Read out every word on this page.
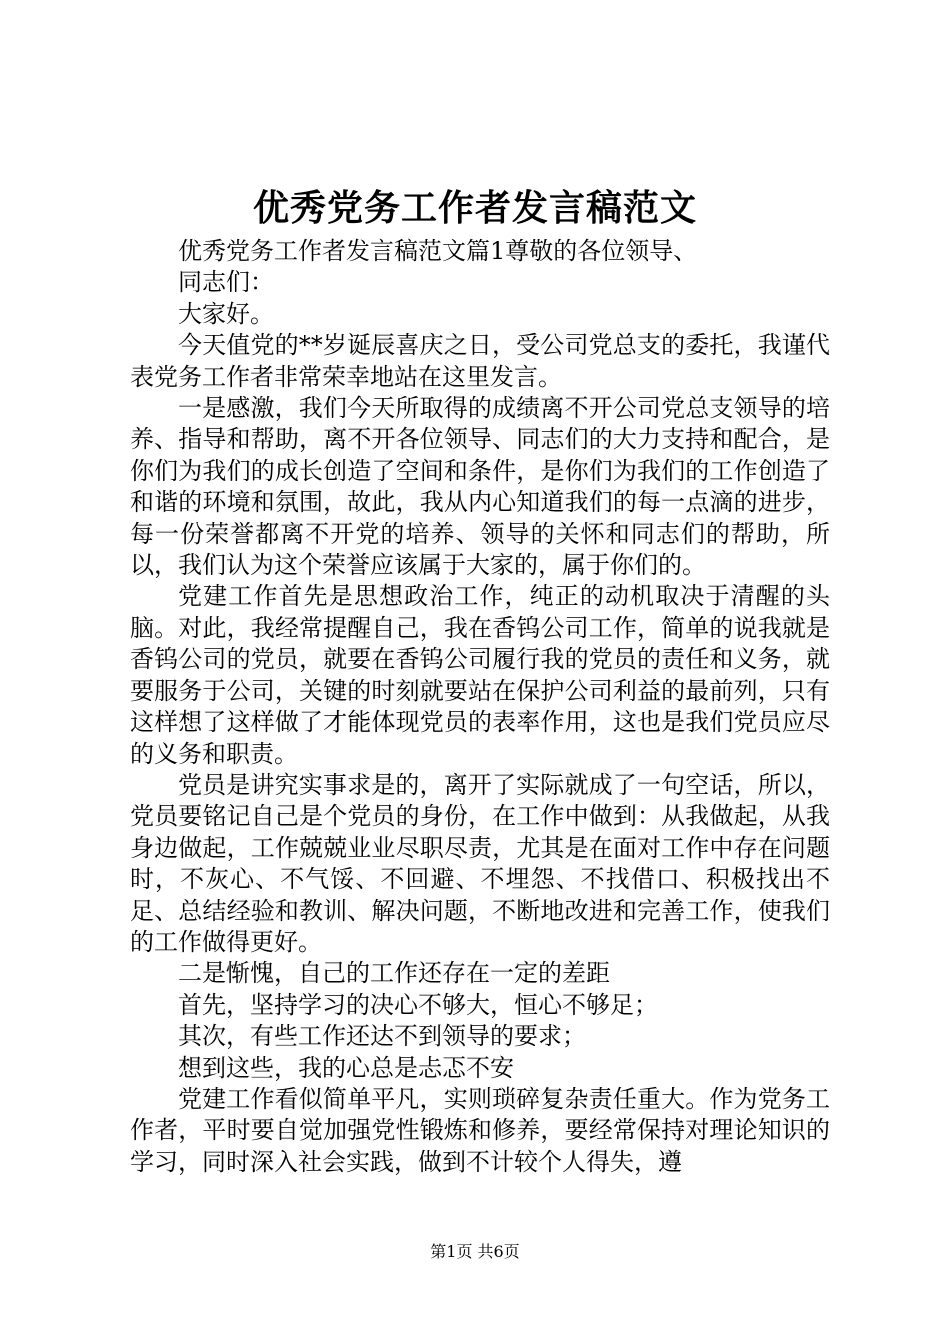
优秀党务工作者发言稿范文

优秀党务工作者发言稿范文篇1尊敬的各位领导、

同志们：

大家好。

今天值党的**岁诞辰喜庆之日，受公司党总支的委托，我谨代表党务工作者非常荣幸地站在这里发言。

一是感激，我们今天所取得的成绩离不开公司党总支领导的培养、指导和帮助，离不开各位领导、同志们的大力支持和配合，是你们为我们的成长创造了空间和条件，是你们为我们的工作创造了和谐的环境和氛围，故此，我从内心知道我们的每一点滴的进步，每一份荣誉都离不开党的培养、领导的关怀和同志们的帮助，所以，我们认为这个荣誉应该属于大家的，属于你们的。

党建工作首先是思想政治工作，纯正的动机取决于清醒的头脑。对此，我经常提醒自己，我在香钨公司工作，简单的说我就是香钨公司的党员，就要在香钨公司履行我的党员的责任和义务，就要服务于公司，关键的时刻就要站在保护公司利益的最前列，只有这样想了这样做了才能体现党员的表率作用，这也是我们党员应尽的义务和职责。

党员是讲究实事求是的，离开了实际就成了一句空话，所以，党员要铭记自己是个党员的身份，在工作中做到：从我做起，从我身边做起，工作兢兢业业尽职尽责，尤其是在面对工作中存在问题时，不灰心、不气馁、不回避、不埋怨、不找借口、积极找出不足、总结经验和教训、解决问题，不断地改进和完善工作，使我们的工作做得更好。

二是惭愧，自己的工作还存在一定的差距

首先，坚持学习的决心不够大，恒心不够足；

其次，有些工作还达不到领导的要求；

想到这些，我的心总是忐忑不安

党建工作看似简单平凡，实则琐碎复杂责任重大。作为党务工作者，平时要自觉加强党性锻炼和修养，要经常保持对理论知识的学习，同时深入社会实践，做到不计较个人得失，遵

第1页 共6页
